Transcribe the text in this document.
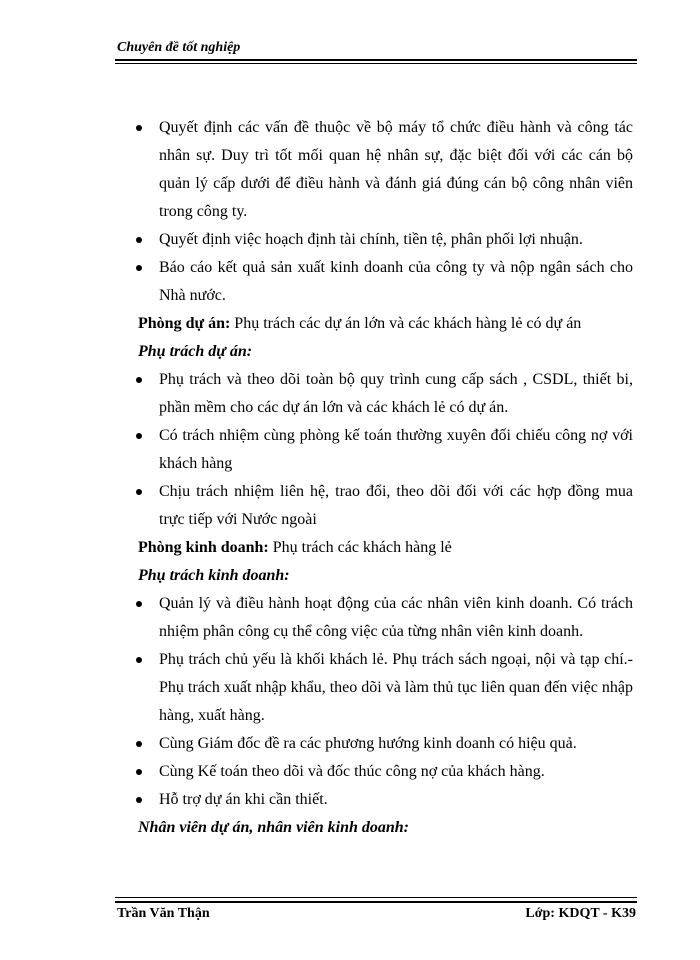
Chuyên đề tốt nghiệp
Quyết định các vấn đề thuộc về bộ máy tổ chức điều hành và công tác nhân sự. Duy trì tốt mối quan hệ nhân sự, đặc biệt đối với các cán bộ quản lý cấp dưới để điều hành và đánh giá đúng cán bộ công nhân viên trong công ty.
Quyết định việc hoạch định tài chính, tiền tệ, phân phối lợi nhuận.
Báo cáo kết quả sản xuất kinh doanh của công ty và nộp ngân sách cho Nhà nước.

Phòng dự án: Phụ trách các dự án lớn và các khách hàng lẻ có dự án

Phụ trách dự án:

Phụ trách và theo dõi toàn bộ quy trình cung cấp sách , CSDL, thiết bi, phần mềm cho các dự án lớn và các khách lẻ có dự án.
Có trách nhiệm cùng phòng kế toán thường xuyên đối chiếu công nợ với khách hàng
Chịu trách nhiệm liên hệ, trao đổi, theo dõi đối với các hợp đồng mua trực tiếp với Nước ngoài

Phòng kinh doanh: Phụ trách các khách hàng lẻ

Phụ trách kinh doanh:

Quản lý và điều hành hoạt động của các nhân viên kinh doanh. Có trách nhiệm phân công cụ thể công việc của từng nhân viên kinh doanh.
Phụ trách chủ yếu là khối khách lẻ. Phụ trách sách ngoại, nội và tạp chí.- Phụ trách xuất nhập khẩu, theo dõi và làm thủ tục liên quan đến việc nhập hàng, xuất hàng.
Cùng Giám đốc đề ra các phương hướng kinh doanh có hiệu quả.
Cùng Kế toán theo dõi và đốc thúc công nợ của khách hàng.
Hỗ trợ dự án khi cần thiết.

Nhân viên dự án, nhân viên kinh doanh:

Trần Văn Thận	Lớp: KDQT - K39
